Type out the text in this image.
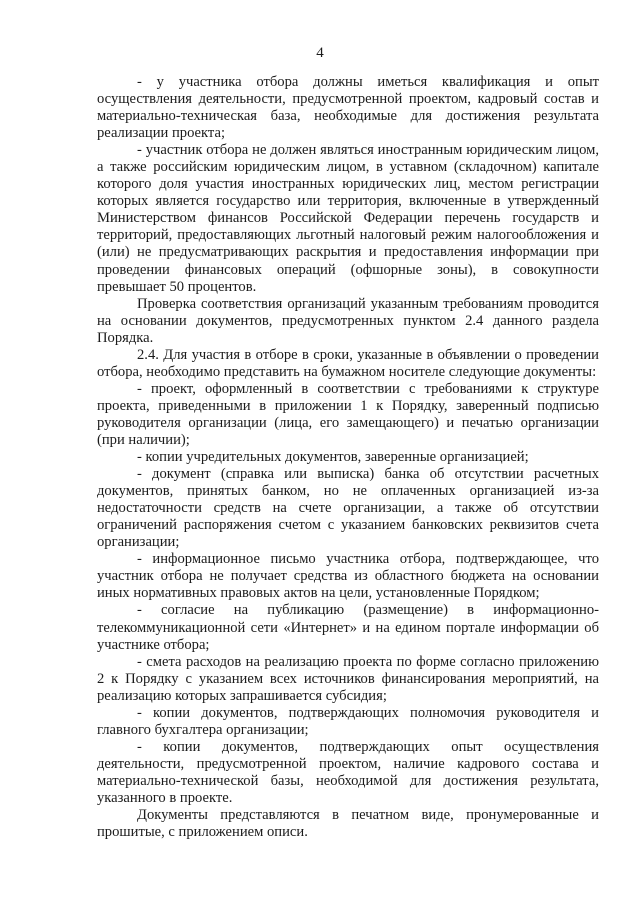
4

- у участника отбора должны иметься квалификация и опыт осуществления деятельности, предусмотренной проектом, кадровый состав и материально-техническая база, необходимые для достижения результата реализации проекта;

- участник отбора не должен являться иностранным юридическим лицом, а также российским юридическим лицом, в уставном (складочном) капитале которого доля участия иностранных юридических лиц, местом регистрации которых является государство или территория, включенные в утвержденный Министерством финансов Российской Федерации перечень государств и территорий, предоставляющих льготный налоговый режим налогообложения и (или) не предусматривающих раскрытия и предоставления информации при проведении финансовых операций (офшорные зоны), в совокупности превышает 50 процентов.

Проверка соответствия организаций указанным требованиям проводится на основании документов, предусмотренных пунктом 2.4 данного раздела Порядка.

2.4. Для участия в отборе в сроки, указанные в объявлении о проведении отбора, необходимо представить на бумажном носителе следующие документы:

- проект, оформленный в соответствии с требованиями к структуре проекта, приведенными в приложении 1 к Порядку, заверенный подписью руководителя организации (лица, его замещающего) и печатью организации (при наличии);

- копии учредительных документов, заверенные организацией;

- документ (справка или выписка) банка об отсутствии расчетных документов, принятых банком, но не оплаченных организацией из-за недостаточности средств на счете организации, а также об отсутствии ограничений распоряжения счетом с указанием банковских реквизитов счета организации;

- информационное письмо участника отбора, подтверждающее, что участник отбора не получает средства из областного бюджета на основании иных нормативных правовых актов на цели, установленные Порядком;

- согласие на публикацию (размещение) в информационно-телекоммуникационной сети «Интернет» и на едином портале информации об участнике отбора;

- смета расходов на реализацию проекта по форме согласно приложению 2 к Порядку с указанием всех источников финансирования мероприятий, на реализацию которых запрашивается субсидия;

- копии документов, подтверждающих полномочия руководителя и главного бухгалтера организации;

- копии документов, подтверждающих опыт осуществления деятельности, предусмотренной проектом, наличие кадрового состава и материально-технической базы, необходимой для достижения результата, указанного в проекте.

Документы представляются в печатном виде, пронумерованные и прошитые, с приложением описи.
